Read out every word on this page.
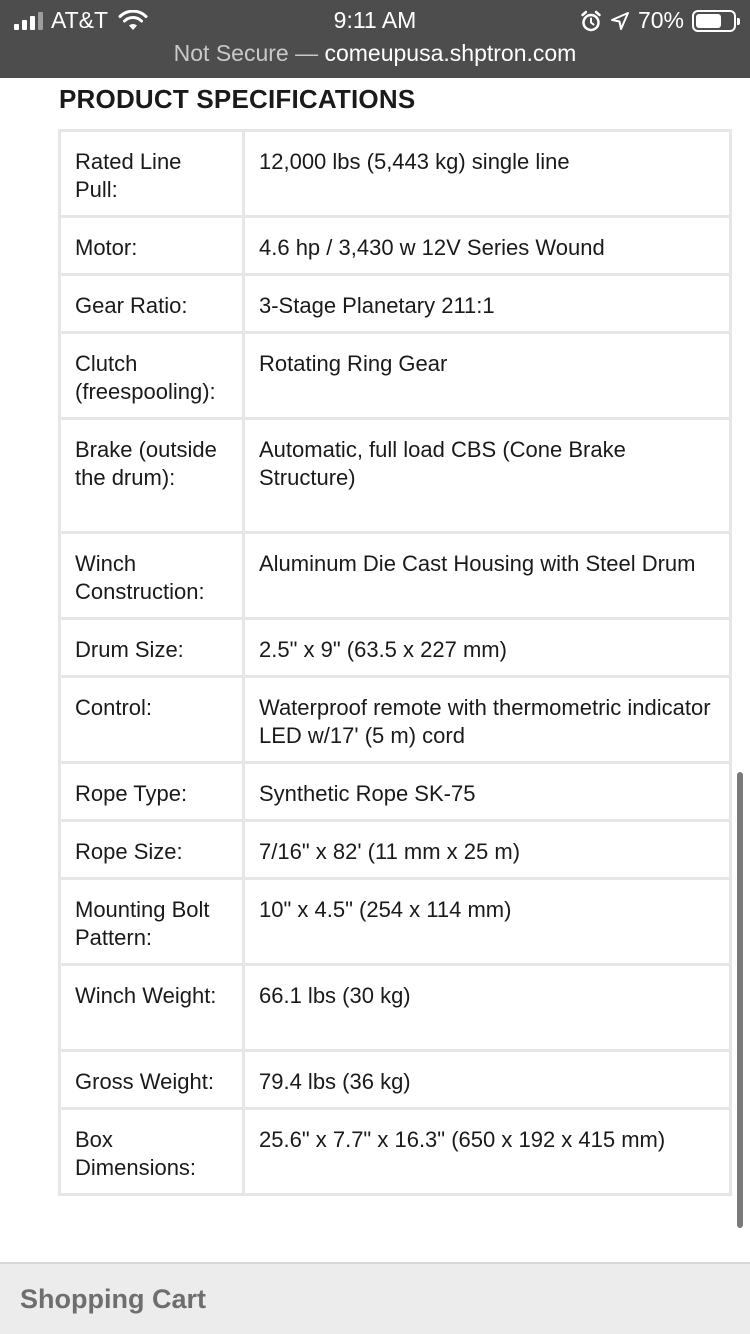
AT&T	9:11 AM	70%
Not Secure — comeupusa.shptron.com
PRODUCT SPECIFICATIONS
Rated Line Pull:	12,000 lbs (5,443 kg) single line
Motor:	4.6 hp / 3,430 w 12V Series Wound
Gear Ratio:	3-Stage Planetary 211:1
Clutch (freespooling):	Rotating Ring Gear
Brake (outside the drum):	Automatic, full load CBS (Cone Brake Structure)
Winch Construction:	Aluminum Die Cast Housing with Steel Drum
Drum Size:	2.5" x 9" (63.5 x 227 mm)
Control:	Waterproof remote with thermometric indicator LED w/17' (5 m) cord
Rope Type:	Synthetic Rope SK-75
Rope Size:	7/16" x 82' (11 mm x 25 m)
Mounting Bolt Pattern:	10" x 4.5" (254 x 114 mm)
Winch Weight:	66.1 lbs (30 kg)
Gross Weight:	79.4 lbs (36 kg)
Box Dimensions:	25.6" x 7.7" x 16.3" (650 x 192 x 415 mm)
Shopping Cart
